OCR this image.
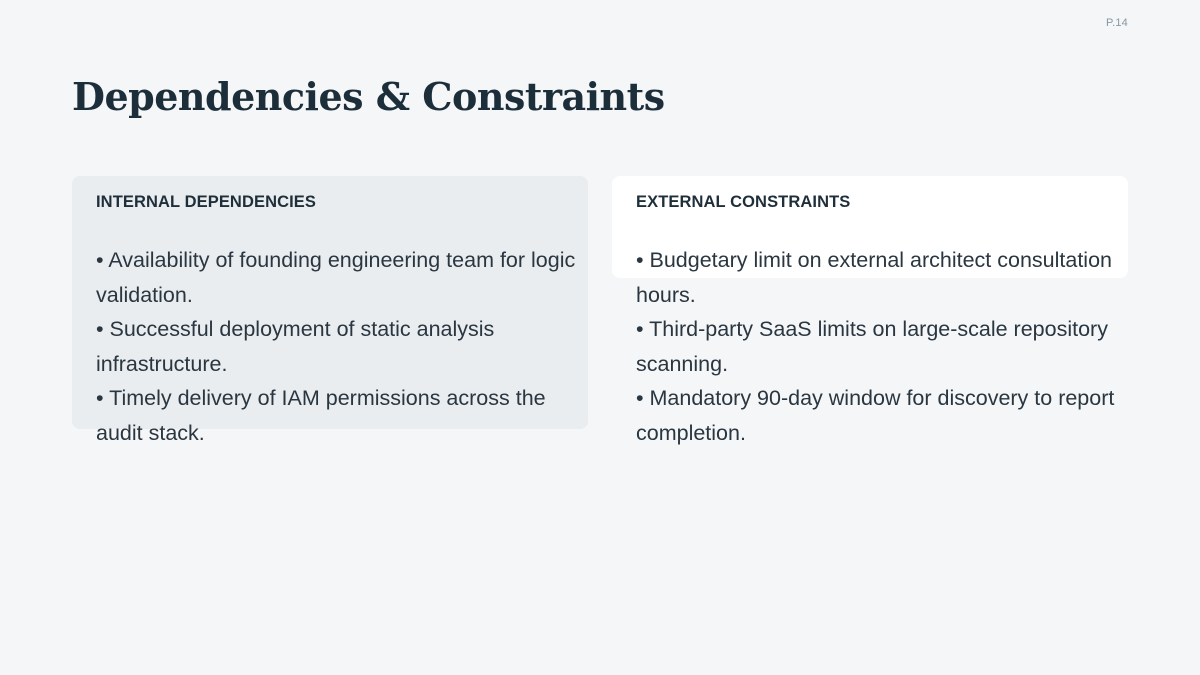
P.14
Dependencies & Constraints
INTERNAL DEPENDENCIES
• Availability of founding engineering team for logic validation.
• Successful deployment of static analysis infrastructure.
• Timely delivery of IAM permissions across the audit stack.
EXTERNAL CONSTRAINTS
• Budgetary limit on external architect consultation hours.
• Third-party SaaS limits on large-scale repository scanning.
• Mandatory 90-day window for discovery to report completion.
